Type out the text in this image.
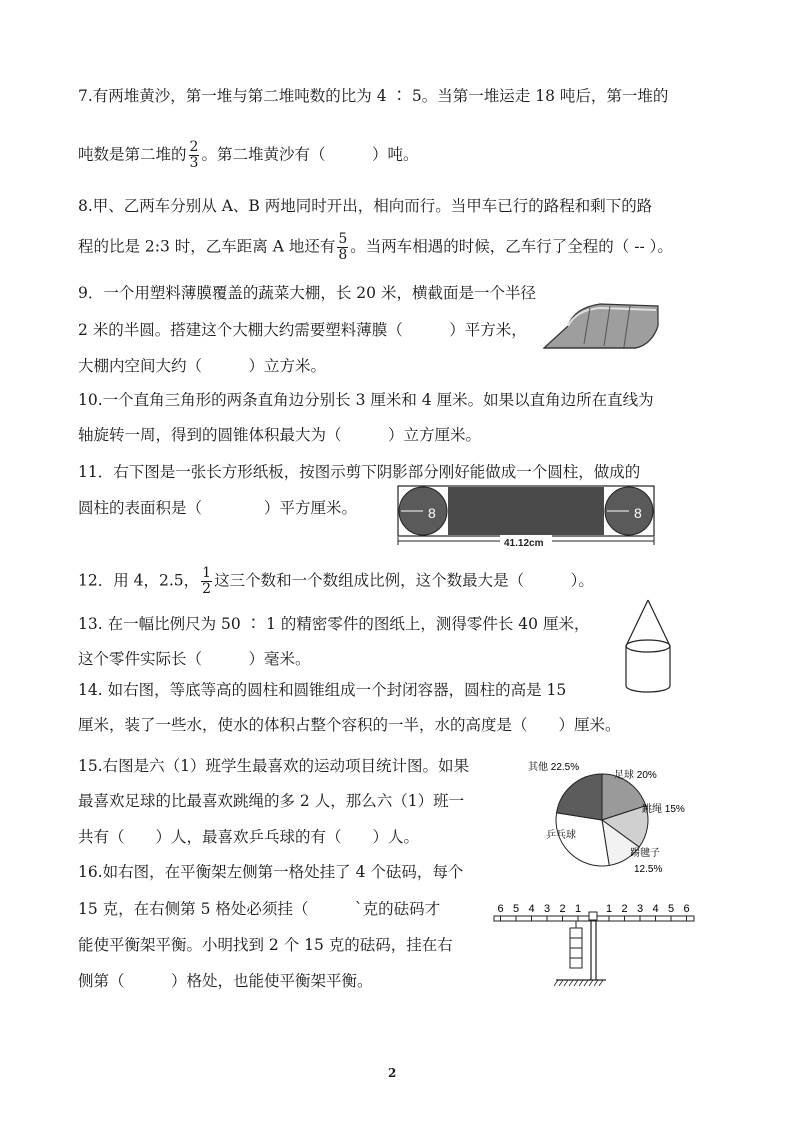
7.有两堆黄沙，第一堆与第二堆吨数的比为 4 ∶ 5。当第一堆运走 18 吨后，第一堆的
吨数是第二堆的 $\frac{2}{3}$ 。第二堆黄沙有（　　　）吨。
8.甲、乙两车分别从 A、B 两地同时开出，相向而行。当甲车已行的路程和剩下的路
程的比是 2:3 时，乙车距离 A 地还有 $\frac{5}{8}$ 。当两车相遇的时候，乙车行了全程的（ -- ）。
9．一个用塑料薄膜覆盖的蔬菜大棚，长 20 米，横截面是一个半径
2 米的半圆。搭建这个大棚大约需要塑料薄膜（　　　）平方米，
大棚内空间大约（　　　）立方米。
10.一个直角三角形的两条直角边分别长 3 厘米和 4 厘米。如果以直角边所在直线为
轴旋转一周，得到的圆锥体积最大为（　　　）立方厘米。
11．右下图是一张长方形纸板，按图示剪下阴影部分刚好能做成一个圆柱，做成的
圆柱的表面积是（　　　　）平方厘米。	8	8
41.12cm
12．用 4，2.5， $\frac{1}{2}$ 这三个数和一个数组成比例，这个数最大是（　　　）。
13. 在一幅比例尺为 50 ∶ 1 的精密零件的图纸上，测得零件长 40 厘米，
这个零件实际长（　　　）毫米。
14. 如右图，等底等高的圆柱和圆锥组成一个封闭容器，圆柱的高是 15
厘米，装了一些水，使水的体积占整个容积的一半，水的高度是（　　）厘米。
15.右图是六（1）班学生最喜欢的运动项目统计图。如果
最喜欢足球的比最喜欢跳绳的多 2 人，那么六（1）班一
共有（　　）人，最喜欢乒乓球的有（　　）人。
其他 22.5%
足球 20%
跳绳 15%
乒乓球
踢毽子
12.5%
16.如右图，在平衡架左侧第一格处挂了 4 个砝码，每个
15 克，在右侧第 5 格处必须挂（　　　`克的砝码才
能使平衡架平衡。小明找到 2 个 15 克的砝码，挂在右
侧第（　　　）格处，也能使平衡架平衡。
6 5 4 3 2 1 1 2 3 4 5 6
2
